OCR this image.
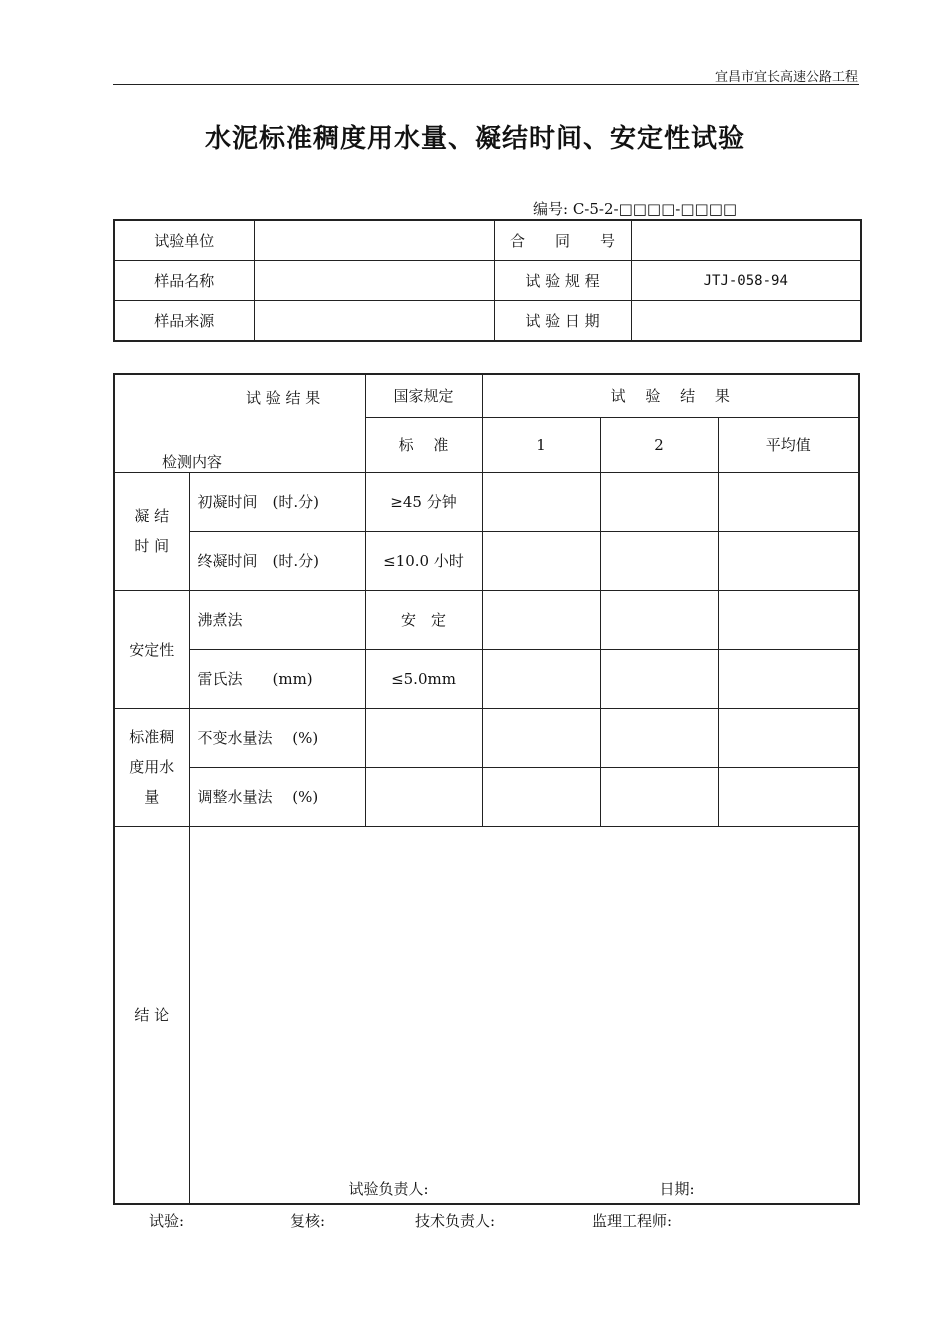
宜昌市宜长高速公路工程
水泥标准稠度用水量、凝结时间、安定性试验
编号: C-5-2-□□□□-□□□□
试验单位		合　　同　　号	
样品名称		试 验 规 程	JTJ-058-94
样品来源		试 验 日 期	
试 验 结 果
检测内容		国家规定	试　 验　 结　 果		
		标　 准	1	2	平均值

凝 结
时 间	初凝时间　(时.分)	≥45 分钟			
	终凝时间　(时.分)	≤10.0 小时			

安定性	沸煮法	安　定			
	雷氏法　　(mm)	≤5.0mm			

标准稠
度用水
量	不变水量法　 (%)				
	调整水量法　 (%)				
结 论	试验负责人: 日期:				
试验:	复核:	技术负责人:	监理工程师:
